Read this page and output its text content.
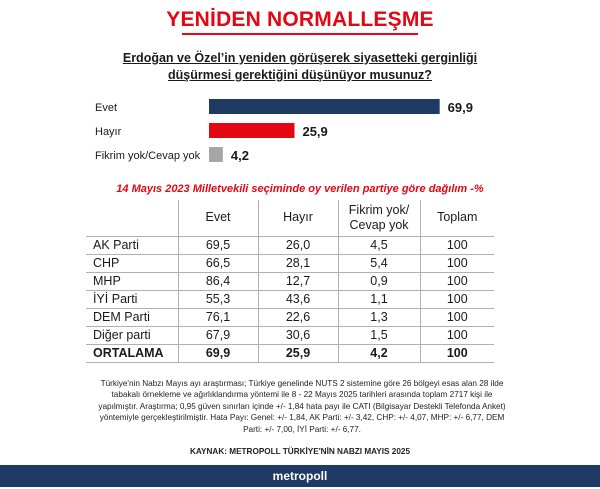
YENİDEN NORMALLEŞME
Erdoğan ve Özel’in yeniden görüşerek siyasetteki gerginliği düşürmesi gerektiğini düşünüyor musunuz?
Evet	69,9
Hayır	25,9
Fikrim yok/Cevap yok 4,2
14 Mayıs 2023 Milletvekili seçiminde oy verilen partiye göre dağılım -%
	Evet	Hayır	Fikrim yok/ Cevap yok	Toplam
AK Parti	69,5	26,0	4,5	100
CHP	66,5	28,1	5,4	100
MHP	86,4	12,7	0,9	100
İYİ Parti	55,3	43,6	1,1	100
DEM Parti	76,1	22,6	1,3	100
Diğer parti	67,9	30,6	1,5	100
ORTALAMA	69,9	25,9	4,2	100
Türkiye'nin Nabzı Mayıs ayı araştırması; Türkiye genelinde NUTS 2 sistemine göre 26 bölgeyi esas alan 28 ilde tabakalı örnekleme ve ağırlıklandırma yöntemi ile 8 - 22 Mayıs 2025 tarihleri arasında toplam 2717 kişi ile yapılmıştır. Araştırma; 0,95 güven sınırları içinde +/- 1,84 hata payı ile CATI (Bilgisayar Destekli Telefonda Anket) yöntemiyle gerçekleştirilmiştir. Hata Payı: Genel: +/- 1,84, AK Parti: +/- 3,42, CHP: +/- 4,07, MHP: +/- 6,77, DEM Parti: +/- 7,00, İYİ Parti: +/- 6,77.
KAYNAK: METROPOLL TÜRKİYE'NİN NABZI MAYIS 2025
metropoll
